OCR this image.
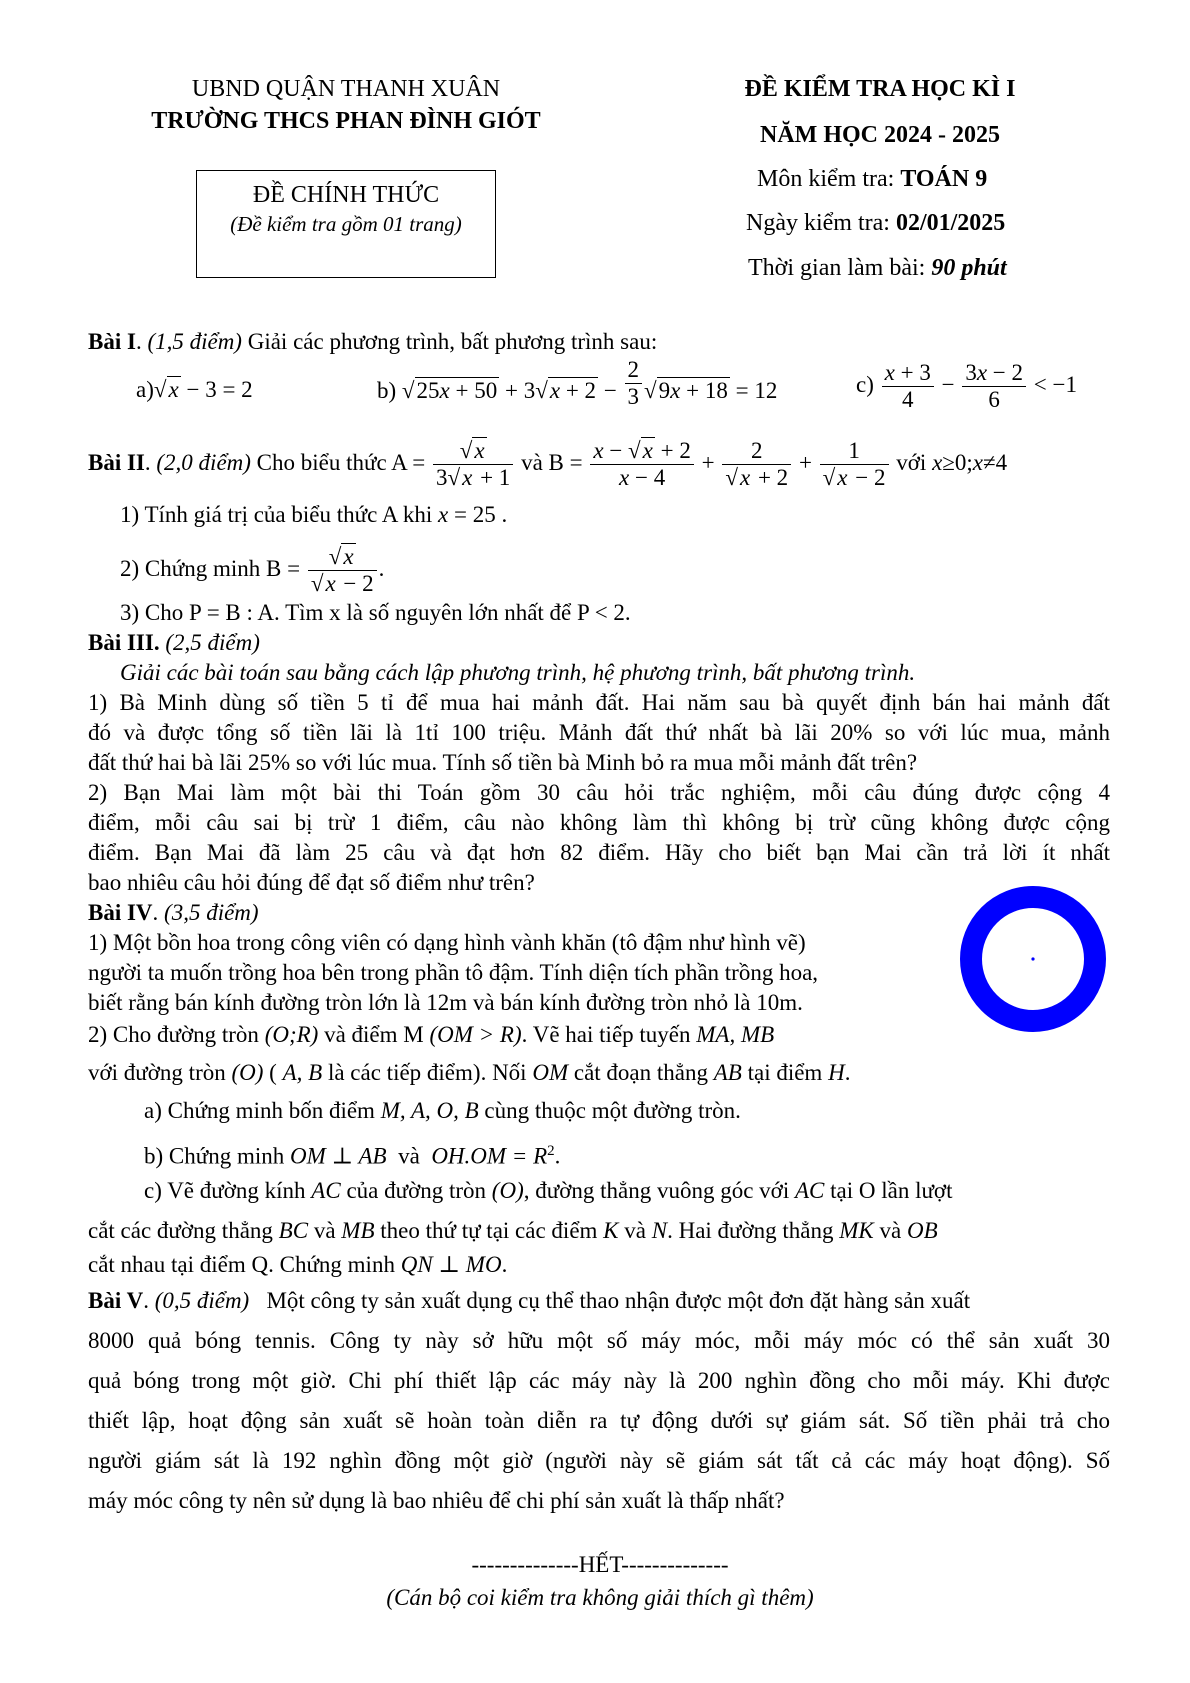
UBND QUẬN THANH XUÂN
TRƯỜNG THCS PHAN ĐÌNH GIÓT
ĐỀ CHÍNH THỨC
(Đề kiểm tra gồm 01 trang)
ĐỀ KIỂM TRA HỌC KÌ I
NĂM HỌC 2024 - 2025
Môn kiểm tra: TOÁN 9
Ngày kiểm tra: 02/01/2025
Thời gian làm bài: 90 phút
Bài I. (1,5 điểm) Giải các phương trình, bất phương trình sau:
a)√x − 3 = 2	b) $√25x + 50 + 3√x + 2 - \frac{2}{3} √9x + 18 = 12$	$c) \frac{x + 3}{4} - \frac{3x - 2}{6} < -1$
Bài II. (2,0 điểm) Cho biểu thức $A = \frac{√x}{3√x + 1}$ và $B = \frac{x - √x + 2}{x - 4} + \frac{2}{√x + 2} + \frac{1}{√x - 2}$ với x≥0;x≠4
1) Tính giá trị của biểu thức A khi x = 25 .
2) Chứng minh $B = \frac{√x}{√x - 2}$ .
3) Cho P = B : A. Tìm x là số nguyên lớn nhất để P < 2.
Bài III. (2,5 điểm)
Giải các bài toán sau bằng cách lập phương trình, hệ phương trình, bất phương trình.
1) Bà Minh dùng số tiền 5 tỉ để mua hai mảnh đất. Hai năm sau bà quyết định bán hai mảnh đất
đó và được tổng số tiền lãi là 1tỉ 100 triệu. Mảnh đất thứ nhất bà lãi 20% so với lúc mua, mảnh
đất thứ hai bà lãi 25% so với lúc mua. Tính số tiền bà Minh bỏ ra mua mỗi mảnh đất trên?
2) Bạn Mai làm một bài thi Toán gồm 30 câu hỏi trắc nghiệm, mỗi câu đúng được cộng 4
điểm, mỗi câu sai bị trừ 1 điểm, câu nào không làm thì không bị trừ cũng không được cộng
điểm. Bạn Mai đã làm 25 câu và đạt hơn 82 điểm. Hãy cho biết bạn Mai cần trả lời ít nhất
bao nhiêu câu hỏi đúng để đạt số điểm như trên?
Bài IV. (3,5 điểm)
1) Một bồn hoa trong công viên có dạng hình vành khăn (tô đậm như hình vẽ)
người ta muốn trồng hoa bên trong phần tô đậm. Tính diện tích phần trồng hoa,
biết rằng bán kính đường tròn lớn là 12m và bán kính đường tròn nhỏ là 10m.
2) Cho đường tròn (O;R) và điểm M (OM > R). Vẽ hai tiếp tuyến MA, MB
với đường tròn (O) ( A, B là các tiếp điểm). Nối OM cắt đoạn thẳng AB tại điểm H.
a) Chứng minh bốn điểm M, A, O, B cùng thuộc một đường tròn.
b) Chứng minh OM ⊥ AB và $OH.OM = R^2$.
c) Vẽ đường kính AC của đường tròn (O), đường thẳng vuông góc với AC tại O lần lượt
cắt các đường thẳng BC và MB theo thứ tự tại các điểm K và N. Hai đường thẳng MK và OB
cắt nhau tại điểm Q. Chứng minh QN ⊥ MO.
Bài V. (0,5 điểm) Một công ty sản xuất dụng cụ thể thao nhận được một đơn đặt hàng sản xuất
8000 quả bóng tennis. Công ty này sở hữu một số máy móc, mỗi máy móc có thể sản xuất 30
quả bóng trong một giờ. Chi phí thiết lập các máy này là 200 nghìn đồng cho mỗi máy. Khi được
thiết lập, hoạt động sản xuất sẽ hoàn toàn diễn ra tự động dưới sự giám sát. Số tiền phải trả cho
người giám sát là 192 nghìn đồng một giờ (người này sẽ giám sát tất cả các máy hoạt động). Số
máy móc công ty nên sử dụng là bao nhiêu để chi phí sản xuất là thấp nhất?
--------------HẾT--------------
(Cán bộ coi kiểm tra không giải thích gì thêm)
